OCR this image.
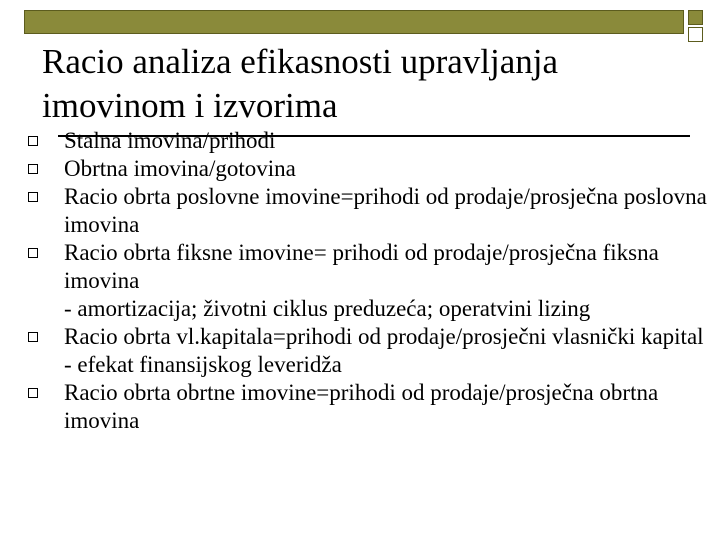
Racio analiza efikasnosti upravljanja imovinom i izvorima
Stalna imovina/prihodi
Obrtna imovina/gotovina
Racio obrta poslovne imovine=prihodi od prodaje/prosječna poslovna imovina
Racio obrta fiksne imovine= prihodi od prodaje/prosječna fiksna imovina
- amortizacija; životni ciklus preduzeća; operatvini lizing
Racio obrta vl.kapitala=prihodi od prodaje/prosječni vlasnički kapital
- efekat finansijskog leveridža
Racio obrta obrtne imovine=prihodi od prodaje/prosječna obrtna imovina
